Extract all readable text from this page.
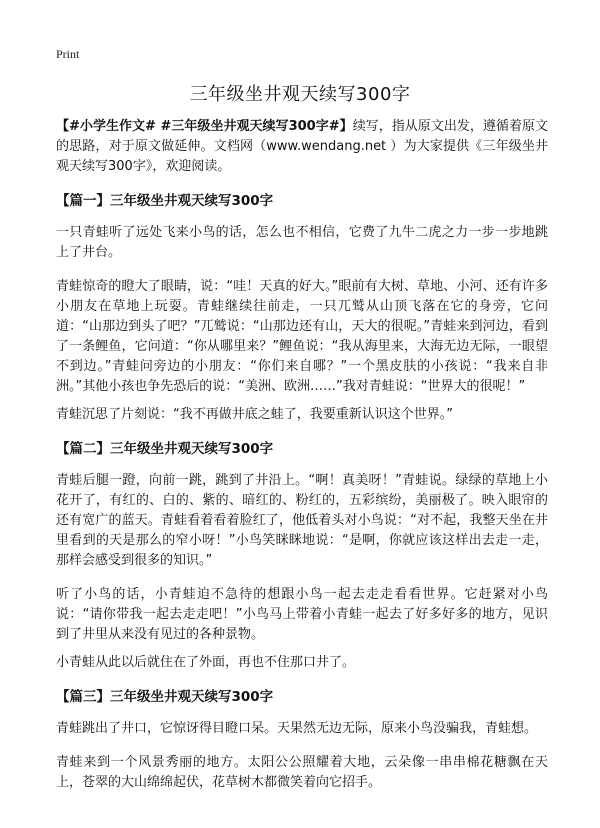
Print
三年级坐井观天续写300字

【#小学生作文# #三年级坐井观天续写300字#】续写，指从原文出发，遵循着原文的思路，对于原文做延伸。文档网（www.wendang.net ）为大家提供《三年级坐井观天续写300字》，欢迎阅读。

【篇一】三年级坐井观天续写300字

一只青蛙听了远处飞来小鸟的话，怎么也不相信，它费了九牛二虎之力一步一步地跳上了井台。

青蛙惊奇的瞪大了眼睛，说：“哇！天真的好大。”眼前有大树、草地、小河、还有许多小朋友在草地上玩耍。青蛙继续往前走，一只兀鹫从山顶飞落在它的身旁，它问道：“山那边到头了吧？”兀鹫说：“山那边还有山，天大的很呢。”青蛙来到河边，看到了一条鲤鱼，它问道：“你从哪里来？”鲤鱼说：“我从海里来，大海无边无际，一眼望不到边。”青蛙问旁边的小朋友：“你们来自哪？”一个黑皮肤的小孩说：“我来自非洲。”其他小孩也争先恐后的说：“美洲、欧洲……”我对青蛙说：“世界大的很呢！”

青蛙沉思了片刻说：“我不再做井底之蛙了，我要重新认识这个世界。”

【篇二】三年级坐井观天续写300字

青蛙后腿一蹬，向前一跳，跳到了井沿上。“啊！真美呀！”青蛙说。绿绿的草地上小花开了，有红的、白的、紫的、暗红的、粉红的，五彩缤纷，美丽极了。映入眼帘的还有宽广的蓝天。青蛙看着看着脸红了，他低着头对小鸟说：“对不起，我整天坐在井里看到的天是那么的窄小呀！”小鸟笑眯眯地说：“是啊，你就应该这样出去走一走，那样会感受到很多的知识。”

听了小鸟的话，小青蛙迫不急待的想跟小鸟一起去走走看看世界。它赶紧对小鸟说：“请你带我一起去走走吧！”小鸟马上带着小青蛙一起去了好多好多的地方，见识到了井里从来没有见过的各种景物。

小青蛙从此以后就住在了外面，再也不住那口井了。

【篇三】三年级坐井观天续写300字

青蛙跳出了井口，它惊讶得目瞪口呆。天果然无边无际，原来小鸟没骗我，青蛙想。

青蛙来到一个风景秀丽的地方。太阳公公照耀着大地，云朵像一串串棉花糖飘在天上，苍翠的大山绵绵起伏，花草树木都微笑着向它招手。
